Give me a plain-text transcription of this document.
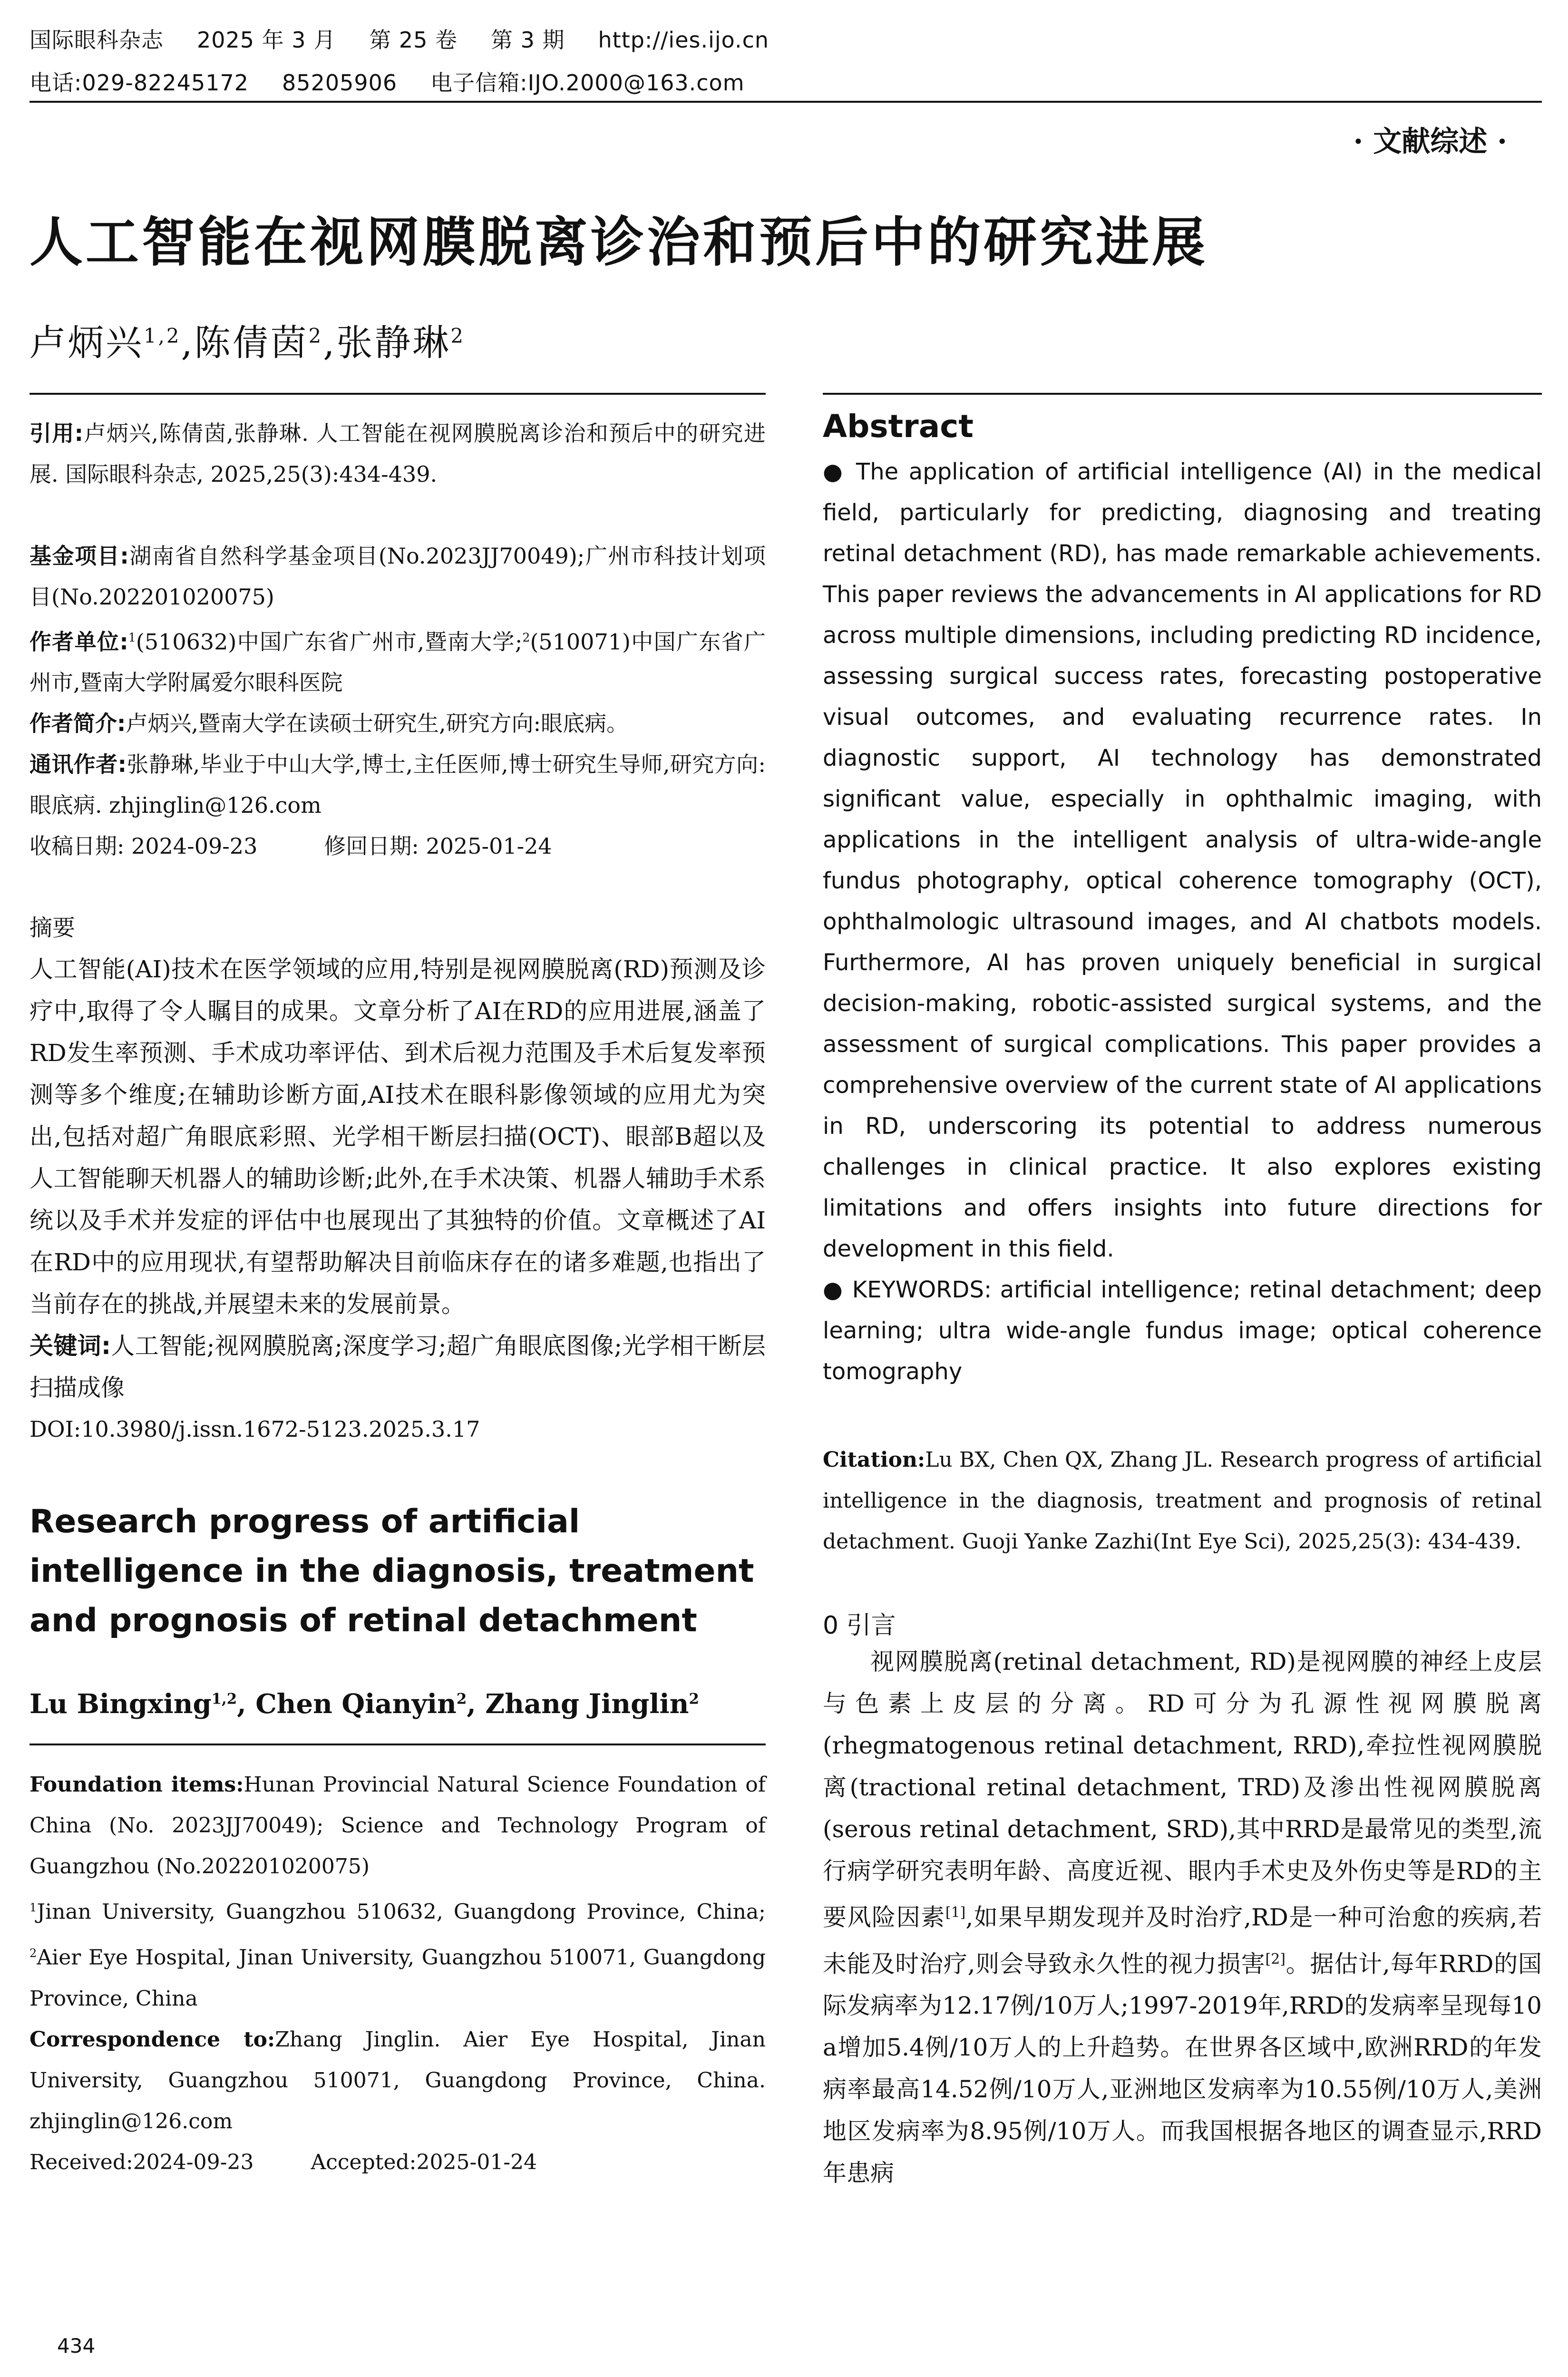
国际眼科杂志 2025 年 3 月 第 25 卷 第 3 期 http://ies.ijo.cn
电话:029-82245172 85205906 电子信箱:IJO.2000@163.com
· 文献综述 ·
人工智能在视网膜脱离诊治和预后中的研究进展
卢炳兴$^{1,2}$,陈倩茵$^2$,张静琳$^2$

引用:卢炳兴,陈倩茵,张静琳. 人工智能在视网膜脱离诊治和预后中的研究进展. 国际眼科杂志, 2025,25(3):434-439.

基金项目:湖南省自然科学基金项目(No.2023JJ70049);广州市科技计划项目(No.202201020075)

作者单位:$^1$(510632)中国广东省广州市,暨南大学;$^2$(510071)中国广东省广州市,暨南大学附属爱尔眼科医院

作者简介:卢炳兴,暨南大学在读硕士研究生,研究方向:眼底病。

通讯作者:张静琳,毕业于中山大学,博士,主任医师,博士研究生导师,研究方向:眼底病. zhjinglin@126.com

收稿日期: 2024-09-23	修回日期: 2025-01-24

摘要

人工智能(AI)技术在医学领域的应用,特别是视网膜脱离(RD)预测及诊疗中,取得了令人瞩目的成果。文章分析了AI在RD的应用进展,涵盖了RD发生率预测、手术成功率评估、到术后视力范围及手术后复发率预测等多个维度;在辅助诊断方面,AI技术在眼科影像领域的应用尤为突出,包括对超广角眼底彩照、光学相干断层扫描(OCT)、眼部B超以及人工智能聊天机器人的辅助诊断;此外,在手术决策、机器人辅助手术系统以及手术并发症的评估中也展现出了其独特的价值。文章概述了AI在RD中的应用现状,有望帮助解决目前临床存在的诸多难题,也指出了当前存在的挑战,并展望未来的发展前景。

关键词:人工智能;视网膜脱离;深度学习;超广角眼底图像;光学相干断层扫描成像

DOI:10.3980/j.issn.1672-5123.2025.3.17

Research progress of artificial intelligence in the diagnosis, treatment and prognosis of retinal detachment

Lu Bingxing$^{1,2}$, Chen Qianyin$^2$, Zhang Jinglin$^2$

Foundation items:Hunan Provincial Natural Science Foundation of China (No. 2023JJ70049); Science and Technology Program of Guangzhou (No.202201020075)

$^1$Jinan University, Guangzhou 510632, Guangdong Province, China; $^2$Aier Eye Hospital, Jinan University, Guangzhou 510071, Guangdong Province, China

Correspondence to:Zhang Jinglin. Aier Eye Hospital, Jinan University, Guangzhou 510071, Guangdong Province, China. zhjinglin@126.com

Received:2024-09-23	Accepted:2025-01-24

Abstract

● The application of artificial intelligence (AI) in the medical field, particularly for predicting, diagnosing and treating retinal detachment (RD), has made remarkable achievements. This paper reviews the advancements in AI applications for RD across multiple dimensions, including predicting RD incidence, assessing surgical success rates, forecasting postoperative visual outcomes, and evaluating recurrence rates. In diagnostic support, AI technology has demonstrated significant value, especially in ophthalmic imaging, with applications in the intelligent analysis of ultra-wide-angle fundus photography, optical coherence tomography (OCT), ophthalmologic ultrasound images, and AI chatbots models. Furthermore, AI has proven uniquely beneficial in surgical decision-making, robotic-assisted surgical systems, and the assessment of surgical complications. This paper provides a comprehensive overview of the current state of AI applications in RD, underscoring its potential to address numerous challenges in clinical practice. It also explores existing limitations and offers insights into future directions for development in this field.

● KEYWORDS: artificial intelligence; retinal detachment; deep learning; ultra wide-angle fundus image; optical coherence tomography

Citation:Lu BX, Chen QX, Zhang JL. Research progress of artificial intelligence in the diagnosis, treatment and prognosis of retinal detachment. Guoji Yanke Zazhi(Int Eye Sci), 2025,25(3): 434-439.

0 引言

视网膜脱离(retinal detachment, RD)是视网膜的神经上皮层与色素上皮层的分离。RD可分为孔源性视网膜脱离(rhegmatogenous retinal detachment, RRD),牵拉性视网膜脱离(tractional retinal detachment, TRD)及渗出性视网膜脱离(serous retinal detachment, SRD),其中RRD是最常见的类型,流行病学研究表明年龄、高度近视、眼内手术史及外伤史等是RD的主要风险因素[1],如果早期发现并及时治疗,RD是一种可治愈的疾病,若未能及时治疗,则会导致永久性的视力损害[2]。据估计,每年RRD的国际发病率为12.17例/10万人;1997-2019年,RRD的发病率呈现每10 a增加5.4例/10万人的上升趋势。在世界各区域中,欧洲RRD的年发病率最高14.52例/10万人,亚洲地区发病率为10.55例/10万人,美洲地区发病率为8.95例/10万人。而我国根据各地区的调查显示,RRD年患病

434
